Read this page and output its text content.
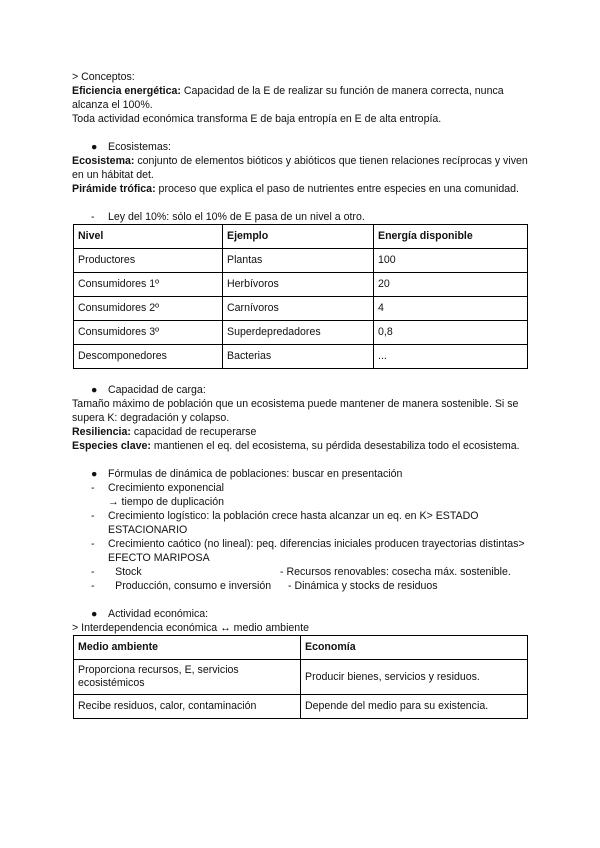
> Conceptos:

Eficiencia energética: Capacidad de la E de realizar su función de manera correcta, nunca alcanza el 100%.

Toda actividad económica transforma E de baja entropía en E de alta entropía.

● Ecosistemas:

Ecosistema: conjunto de elementos bióticos y abióticos que tienen relaciones recíprocas y viven en un hábitat det.

Pirámide trófica: proceso que explica el paso de nutrientes entre especies en una comunidad.

- Ley del 10%: sólo el 10% de E pasa de un nivel a otro.

Nivel	Ejemplo	Energía disponible
Productores	Plantas	100
Consumidores 1º	Herbívoros	20
Consumidores 2º	Carnívoros	4
Consumidores 3º	Superdepredadores	0,8
Descomponedores	Bacterias	...

● Capacidad de carga:

Tamaño máximo de población que un ecosistema puede mantener de manera sostenible. Si se supera K: degradación y colapso.

Resiliencia: capacidad de recuperarse

Especies clave: mantienen el eq. del ecosistema, su pérdida desestabiliza todo el ecosistema.

● Fórmulas de dinámica de poblaciones: buscar en presentación

- Crecimiento exponencial

→ tiempo de duplicación

- Crecimiento logístico: la población crece hasta alcanzar un eq. en K> ESTADO ESTACIONARIO

- Crecimiento caótico (no lineal): peq. diferencias iniciales producen trayectorias distintas> EFECTO MARIPOSA

-       Stock	- Recursos renovables: cosecha máx. sostenible.
-       Producción, consumo e inversión - Dinámica y stocks de residuos

● Actividad económica:

> Interdependencia económica ↔ medio ambiente

Medio ambiente	Economía
Proporciona recursos, E, servicios ecosistémicos	Producir bienes, servicios y residuos.
Recibe residuos, calor, contaminación	Depende del medio para su existencia.
